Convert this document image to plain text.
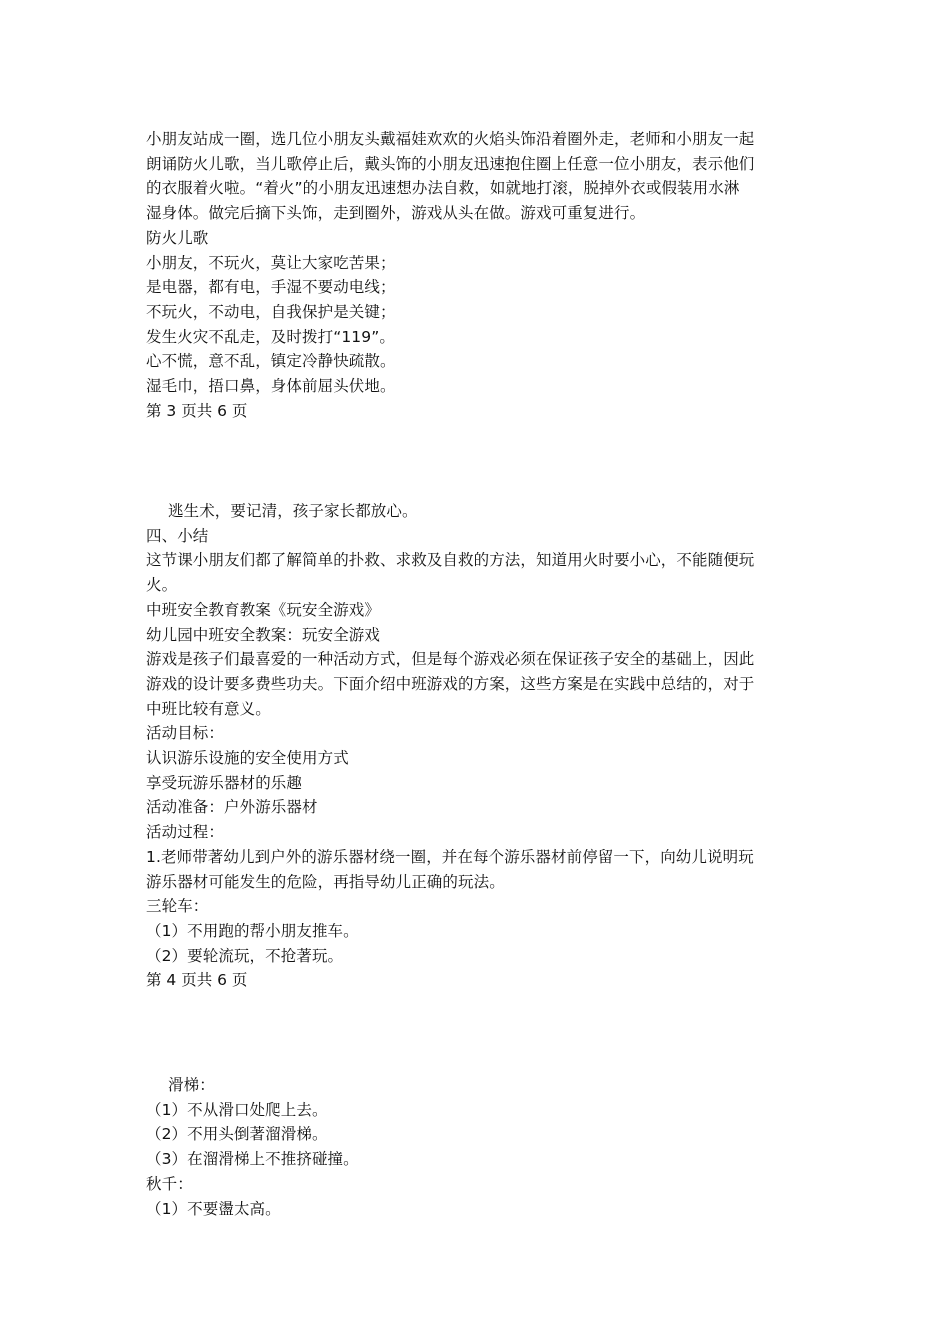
小朋友站成一圈，选几位小朋友头戴福娃欢欢的火焰头饰沿着圈外走，老师和小朋友一起
朗诵防火儿歌，当儿歌停止后，戴头饰的小朋友迅速抱住圈上任意一位小朋友，表示他们
的衣服着火啦。“着火”的小朋友迅速想办法自救，如就地打滚，脱掉外衣或假装用水淋
湿身体。做完后摘下头饰，走到圈外，游戏从头在做。游戏可重复进行。
防火儿歌
小朋友，不玩火，莫让大家吃苦果；
是电器，都有电，手湿不要动电线；
不玩火，不动电，自我保护是关键；
发生火灾不乱走，及时拨打“119”。
心不慌，意不乱，镇定冷静快疏散。
湿毛巾，捂口鼻，身体前屈头伏地。
第 3 页共 6 页
逃生术，要记清，孩子家长都放心。
四、小结
这节课小朋友们都了解简单的扑救、求救及自救的方法，知道用火时要小心，不能随便玩
火。
中班安全教育教案《玩安全游戏》
幼儿园中班安全教案：玩安全游戏
游戏是孩子们最喜爱的一种活动方式，但是每个游戏必须在保证孩子安全的基础上，因此
游戏的设计要多费些功夫。下面介绍中班游戏的方案，这些方案是在实践中总结的，对于
中班比较有意义。
活动目标：
认识游乐设施的安全使用方式
享受玩游乐器材的乐趣
活动准备：户外游乐器材
活动过程：
1.老师带著幼儿到户外的游乐器材绕一圈，并在每个游乐器材前停留一下，向幼儿说明玩
游乐器材可能发生的危险，再指导幼儿正确的玩法。
三轮车：
（1）不用跑的帮小朋友推车。
（2）要轮流玩，不抢著玩。
第 4 页共 6 页
滑梯：
（1）不从滑口处爬上去。
（2）不用头倒著溜滑梯。
（3）在溜滑梯上不推挤碰撞。
秋千：
（1）不要盪太高。
